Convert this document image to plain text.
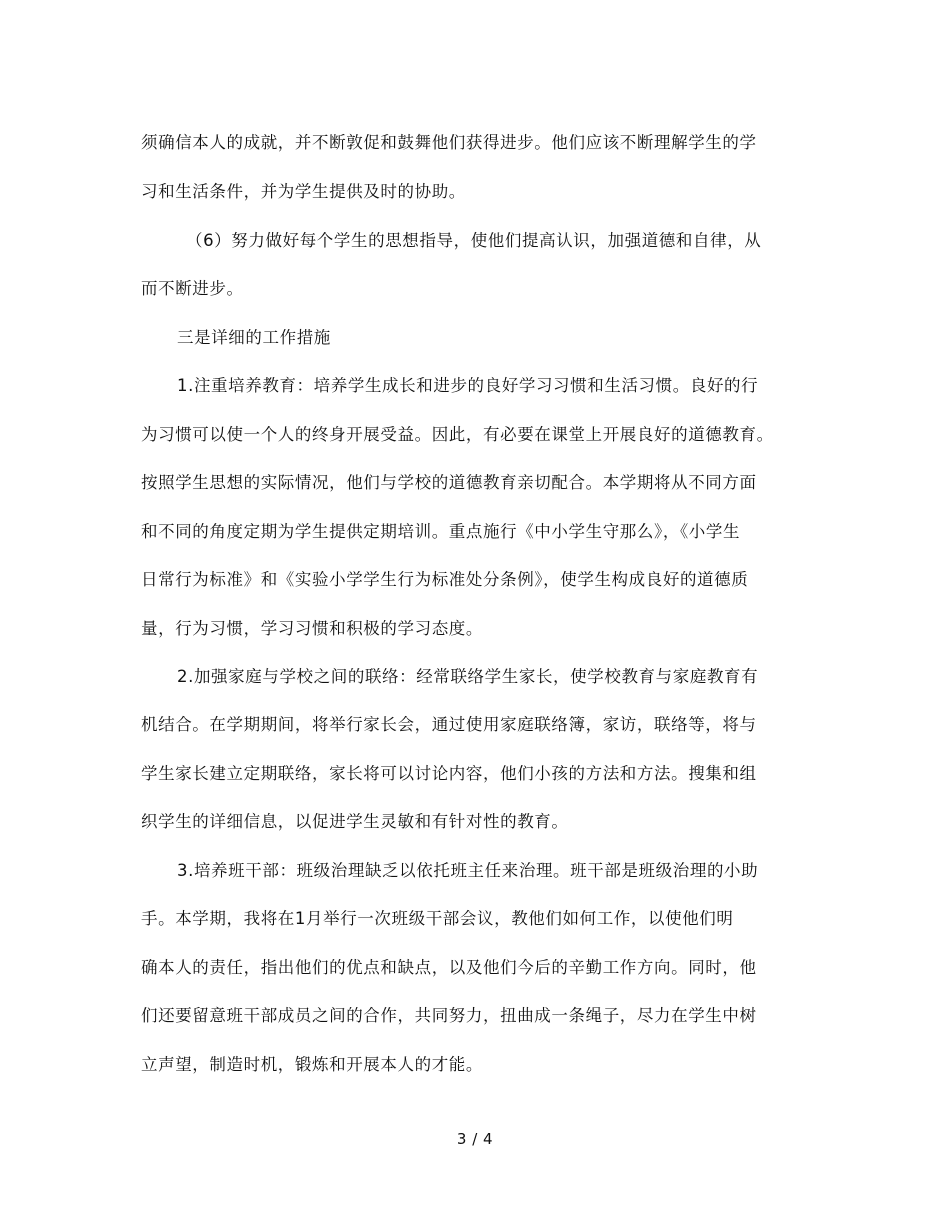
须确信本人的成就，并不断敦促和鼓舞他们获得进步。他们应该不断理解学生的学
习和生活条件，并为学生提供及时的协助。
（6）努力做好每个学生的思想指导，使他们提高认识，加强道德和自律，从
而不断进步。
三是详细的工作措施
1.注重培养教育：培养学生成长和进步的良好学习习惯和生活习惯。良好的行
为习惯可以使一个人的终身开展受益。因此，有必要在课堂上开展良好的道德教育。
按照学生思想的实际情况，他们与学校的道德教育亲切配合。本学期将从不同方面
和不同的角度定期为学生提供定期培训。重点施行《中小学生守那么》，《小学生
日常行为标准》和《实验小学学生行为标准处分条例》，使学生构成良好的道德质
量，行为习惯，学习习惯和积极的学习态度。
2.加强家庭与学校之间的联络：经常联络学生家长，使学校教育与家庭教育有
机结合。在学期期间，将举行家长会，通过使用家庭联络簿，家访，联络等，将与
学生家长建立定期联络，家长将可以讨论内容，他们小孩的方法和方法。搜集和组
织学生的详细信息，以促进学生灵敏和有针对性的教育。
3.培养班干部：班级治理缺乏以依托班主任来治理。班干部是班级治理的小助
手。本学期，我将在1月举行一次班级干部会议，教他们如何工作，以使他们明
确本人的责任，指出他们的优点和缺点，以及他们今后的辛勤工作方向。同时，他
们还要留意班干部成员之间的合作，共同努力，扭曲成一条绳子，尽力在学生中树
立声望，制造时机，锻炼和开展本人的才能。
3 / 4
